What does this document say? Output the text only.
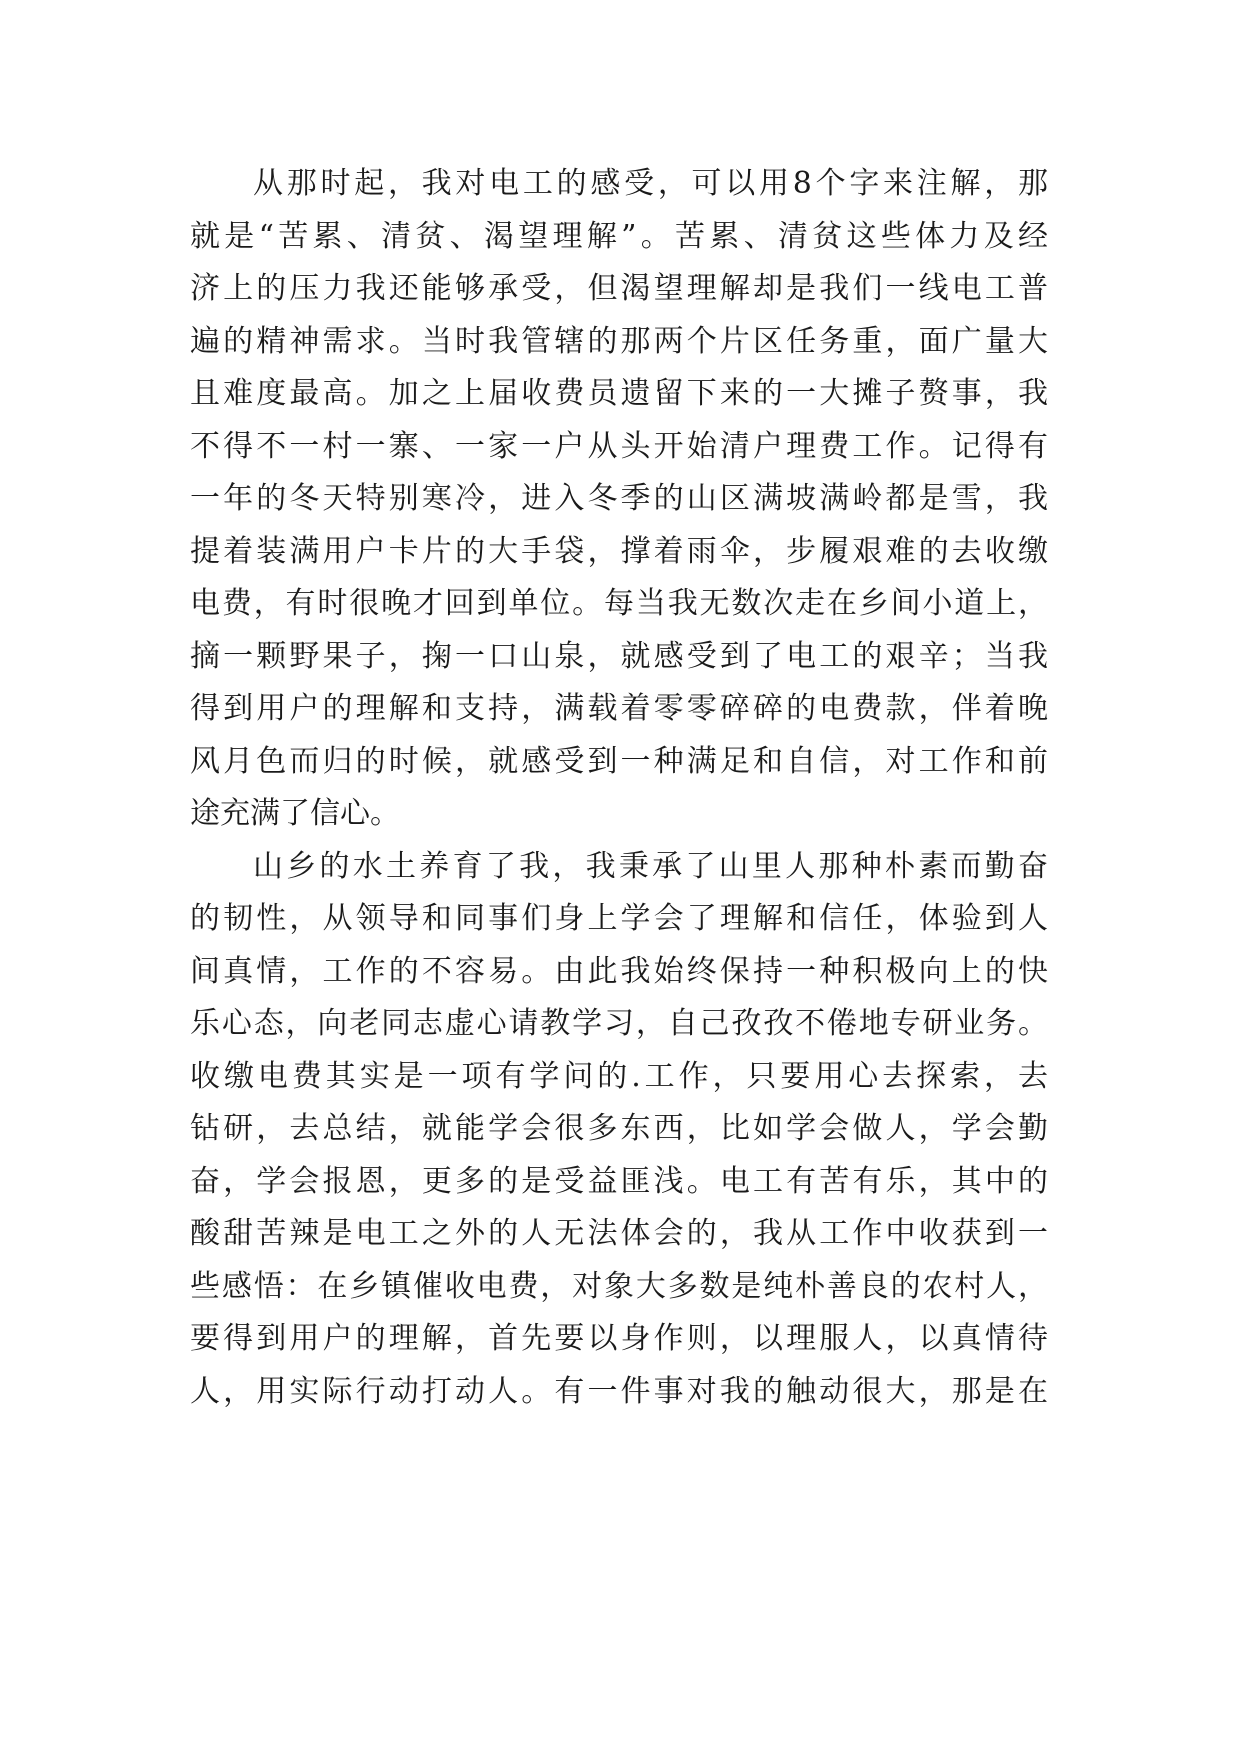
从那时起，我对电工的感受，可以用8个字来注解，那
就是“苦累、清贫、渴望理解”。苦累、清贫这些体力及经
济上的压力我还能够承受，但渴望理解却是我们一线电工普
遍的精神需求。当时我管辖的那两个片区任务重，面广量大
且难度最高。加之上届收费员遗留下来的一大摊子赘事，我
不得不一村一寨、一家一户从头开始清户理费工作。记得有
一年的冬天特别寒冷，进入冬季的山区满坡满岭都是雪，我
提着装满用户卡片的大手袋，撑着雨伞，步履艰难的去收缴
电费，有时很晚才回到单位。每当我无数次走在乡间小道上，
摘一颗野果子，掬一口山泉，就感受到了电工的艰辛；当我
得到用户的理解和支持，满载着零零碎碎的电费款，伴着晚
风月色而归的时候，就感受到一种满足和自信，对工作和前
途充满了信心。
山乡的水土养育了我，我秉承了山里人那种朴素而勤奋
的韧性，从领导和同事们身上学会了理解和信任，体验到人
间真情，工作的不容易。由此我始终保持一种积极向上的快
乐心态，向老同志虚心请教学习，自己孜孜不倦地专研业务。
收缴电费其实是一项有学问的.工作，只要用心去探索，去
钻研，去总结，就能学会很多东西，比如学会做人，学会勤
奋，学会报恩，更多的是受益匪浅。电工有苦有乐，其中的
酸甜苦辣是电工之外的人无法体会的，我从工作中收获到一
些感悟：在乡镇催收电费，对象大多数是纯朴善良的农村人，
要得到用户的理解，首先要以身作则，以理服人，以真情待
人，用实际行动打动人。有一件事对我的触动很大，那是在
